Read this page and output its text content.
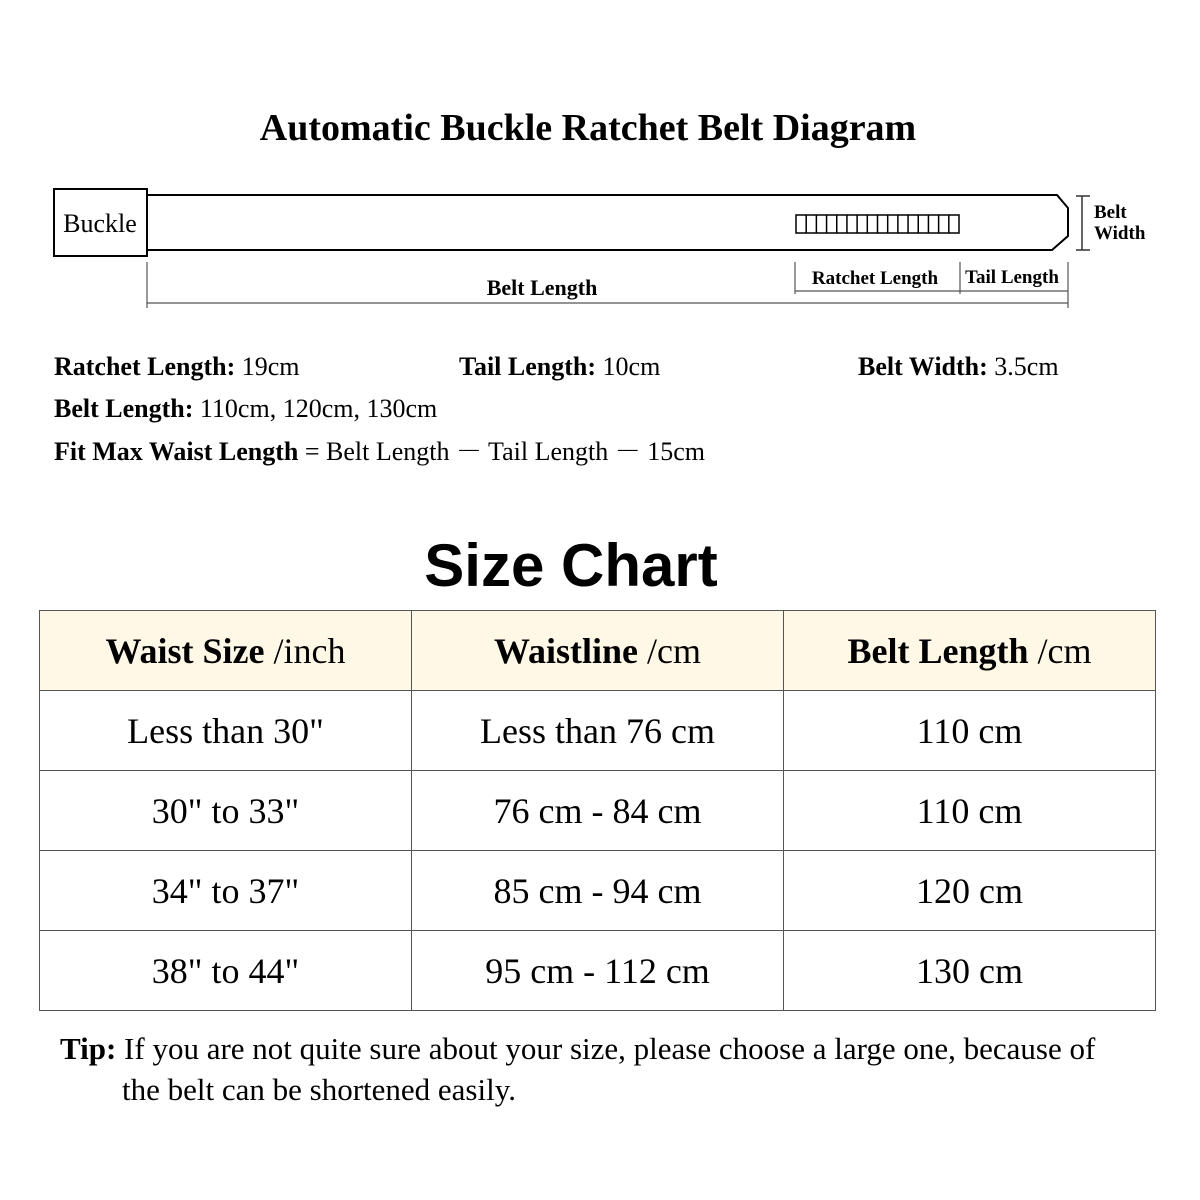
Automatic Buckle Ratchet Belt Diagram
Buckle	Belt
Width
Belt Length	Ratchet Length Tail Length
Ratchet Length: 19cm	Tail Length: 10cm	Belt Width: 3.5cm
Belt Length: 110cm, 120cm, 130cm
Fit Max Waist Length = Belt Length － Tail Length － 15cm
Size Chart
Waist Size /inch	Waistline /cm	Belt Length /cm
Less than 30"	Less than 76 cm	110 cm
30" to 33"	76 cm - 84 cm	110 cm
34" to 37"	85 cm - 94 cm	120 cm
38" to 44"	95 cm - 112 cm	130 cm
Tip: If you are not quite sure about your size, please choose a large one, because of
the belt can be shortened easily.
